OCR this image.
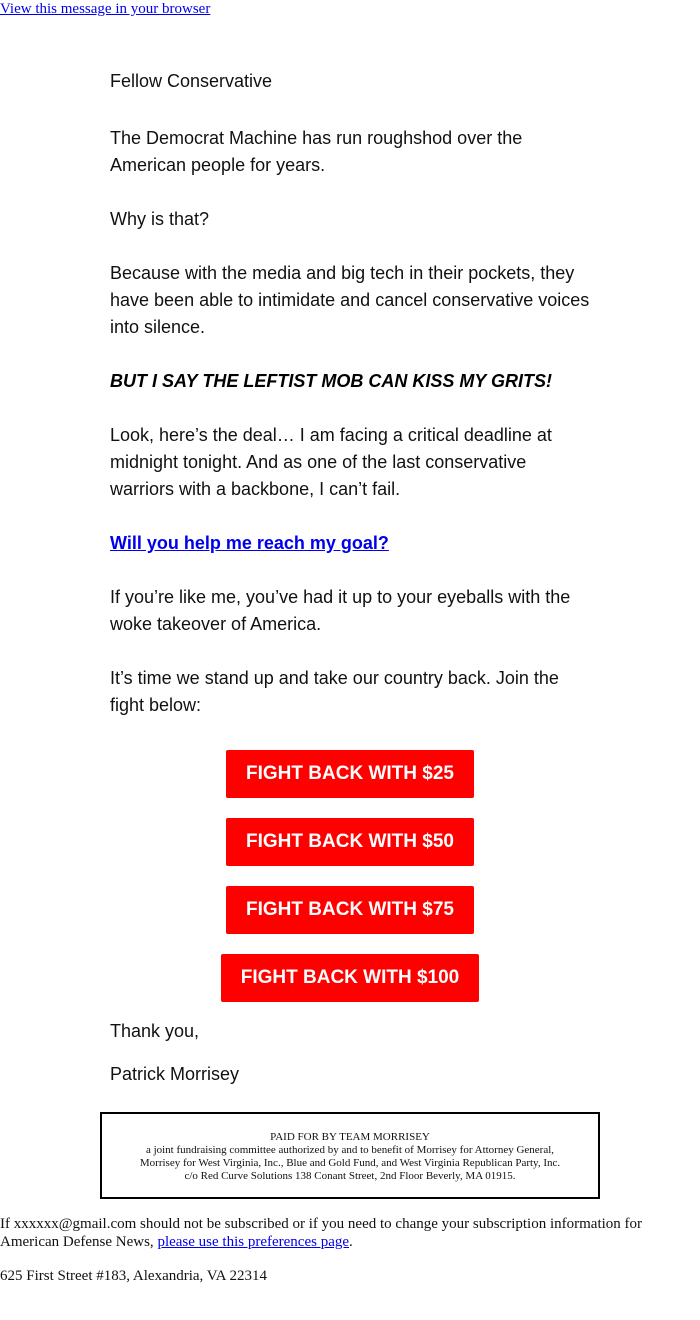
View this message in your browser

Fellow Conservative

The Democrat Machine has run roughshod over the American people for years.

Why is that?

Because with the media and big tech in their pockets, they have been able to intimidate and cancel conservative voices into silence.

BUT I SAY THE LEFTIST MOB CAN KISS MY GRITS!

Look, here’s the deal… I am facing a critical deadline at midnight tonight. And as one of the last conservative warriors with a backbone, I can’t fail.

Will you help me reach my goal?

If you’re like me, you’ve had it up to your eyeballs with the woke takeover of America.

It’s time we stand up and take our country back. Join the fight below:

FIGHT BACK WITH $25
FIGHT BACK WITH $50
FIGHT BACK WITH $75
FIGHT BACK WITH $100

Thank you,

Patrick Morrisey

PAID FOR BY TEAM MORRISEY
a joint fundraising committee authorized by and to benefit of Morrisey for Attorney General,
Morrisey for West Virginia, Inc., Blue and Gold Fund, and West Virginia Republican Party, Inc.
c/o Red Curve Solutions 138 Conant Street, 2nd Floor Beverly, MA 01915.
If xxxxxx@gmail.com should not be subscribed or if you need to change your subscription information for American Defense News, please use this preferences page.
625 First Street #183, Alexandria, VA 22314
